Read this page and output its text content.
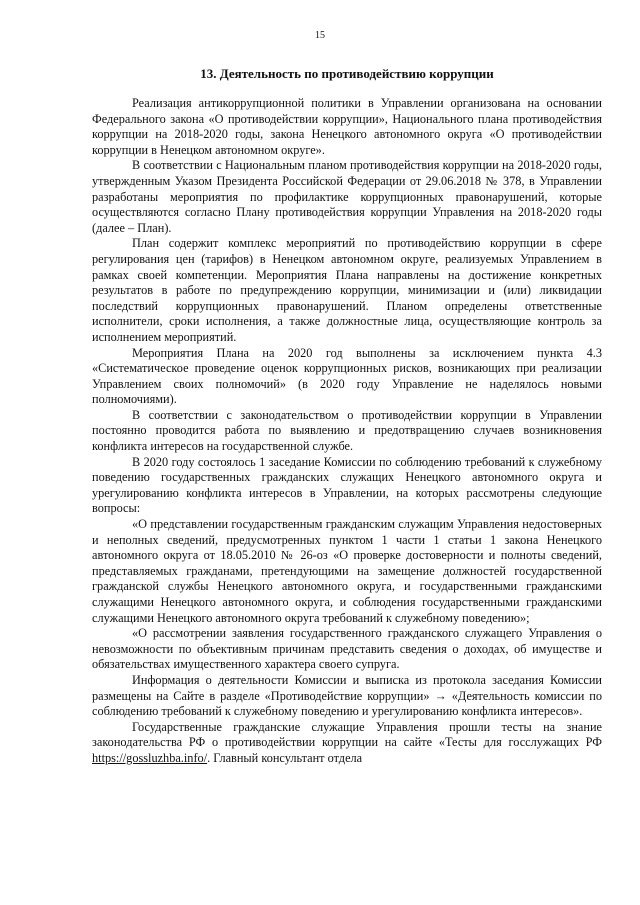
15
13. Деятельность по противодействию коррупции

Реализация антикоррупционной политики в Управлении организована на основании Федерального закона «О противодействии коррупции», Национального плана противодействия коррупции на 2018-2020 годы, закона Ненецкого автономного округа «О противодействии коррупции в Ненецком автономном округе».

В соответствии с Национальным планом противодействия коррупции на 2018-2020 годы, утвержденным Указом Президента Российской Федерации от 29.06.2018 № 378, в Управлении разработаны мероприятия по профилактике коррупционных правонарушений, которые осуществляются согласно Плану противодействия коррупции Управления на 2018-2020 годы (далее – План).

План содержит комплекс мероприятий по противодействию коррупции в сфере регулирования цен (тарифов) в Ненецком автономном округе, реализуемых Управлением в рамках своей компетенции. Мероприятия Плана направлены на достижение конкретных результатов в работе по предупреждению коррупции, минимизации и (или) ликвидации последствий коррупционных правонарушений. Планом определены ответственные исполнители, сроки исполнения, а также должностные лица, осуществляющие контроль за исполнением мероприятий.

Мероприятия Плана на 2020 год выполнены за исключением пункта 4.3 «Систематическое проведение оценок коррупционных рисков, возникающих при реализации Управлением своих полномочий» (в 2020 году Управление не наделялось новыми полномочиями).

В соответствии с законодательством о противодействии коррупции в Управлении постоянно проводится работа по выявлению и предотвращению случаев возникновения конфликта интересов на государственной службе.

В 2020 году состоялось 1 заседание Комиссии по соблюдению требований к служебному поведению государственных гражданских служащих Ненецкого автономного округа и урегулированию конфликта интересов в Управлении, на которых рассмотрены следующие вопросы:

«О представлении государственным гражданским служащим Управления недостоверных и неполных сведений, предусмотренных пунктом 1 части 1 статьи 1 закона Ненецкого автономного округа от 18.05.2010 № 26-оз «О проверке достоверности и полноты сведений, представляемых гражданами, претендующими на замещение должностей государственной гражданской службы Ненецкого автономного округа, и государственными гражданскими служащими Ненецкого автономного округа, и соблюдения государственными гражданскими служащими Ненецкого автономного округа требований к служебному поведению»;

«О рассмотрении заявления государственного гражданского служащего Управления о невозможности по объективным причинам представить сведения о доходах, об имуществе и обязательствах имущественного характера своего супруга.

Информация о деятельности Комиссии и выписка из протокола заседания Комиссии размещены на Сайте в разделе «Противодействие коррупции» → «Деятельность комиссии по соблюдению требований к служебному поведению и урегулированию конфликта интересов».

Государственные гражданские служащие Управления прошли тесты на знание законодательства РФ о противодействии коррупции на сайте «Тесты для госслужащих РФ https://gossluzhba.info/. Главный консультант отдела
